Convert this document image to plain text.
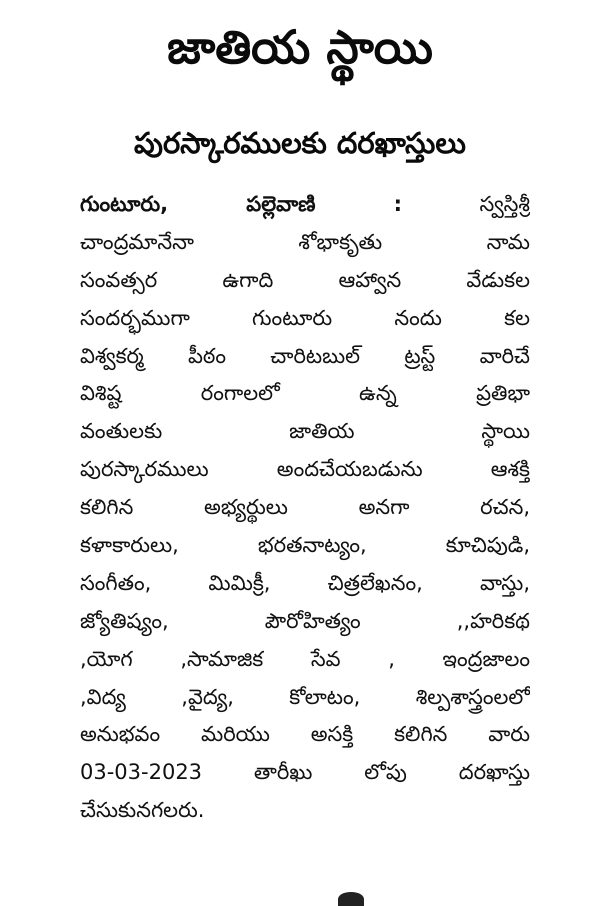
జాతియ స్థాయి
పురస్కారములకు దరఖాస్తులు
గుంటూరు, పల్లెవాణి : స్వస్తిశ్రీ
చాంద్రమానేనా శోభాకృతు నామ
సంవత్సర ఉగాది ఆహ్వాన వేడుకల
సందర్భముగా గుంటూరు నందు కల
విశ్వకర్మ పీఠం చారిటబుల్ ట్రస్ట్ వారిచే
విశిష్ట రంగాలలో ఉన్న ప్రతిభా
వంతులకు జాతియ స్థాయి
పురస్కారములు అందచేయబడును ఆశక్తి
కలిగిన అభ్యర్థులు అనగా రచన,
కళాకారులు, భరతనాట్యం, కూచిపుడి,
సంగీతం, మిమిక్రీ, చిత్రలేఖనం, వాస్తు,
జ్యోతిష్యం, పౌరోహిత్యం ,,హరికథ
,యోగ ,సామాజిక సేవ , ఇంద్రజాలం
,విద్య ,వైద్య, కోలాటం, శిల్పశాస్త్రంలలో
అనుభవం మరియు అసక్తి కలిగిన వారు
03-03-2023 తారీఖు లోపు దరఖాస్తు
చేసుకునగలరు.
